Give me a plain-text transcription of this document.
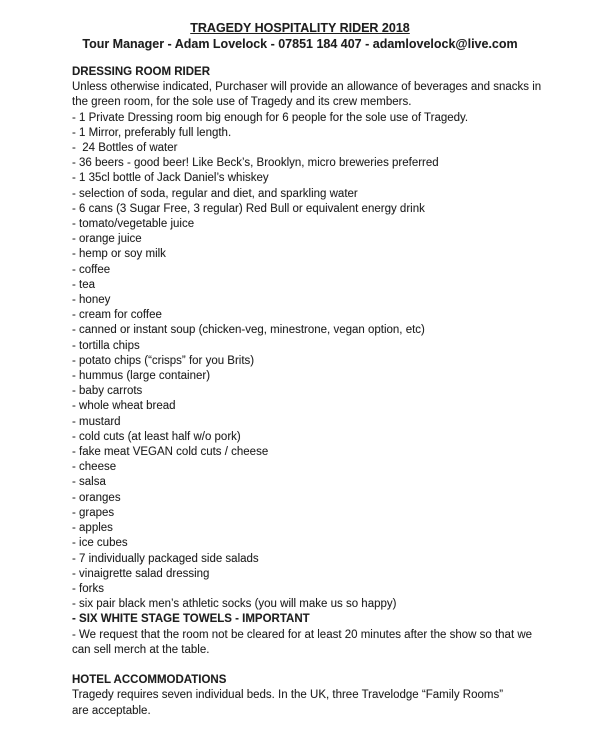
TRAGEDY HOSPITALITY RIDER 2018

Tour Manager - Adam Lovelock - 07851 184 407 - adamlovelock@live.com

DRESSING ROOM RIDER

Unless otherwise indicated, Purchaser will provide an allowance of beverages and snacks in

the green room, for the sole use of Tragedy and its crew members.

- 1 Private Dressing room big enough for 6 people for the sole use of Tragedy.

- 1 Mirror, preferably full length.

-  24 Bottles of water

- 36 beers - good beer! Like Beck’s, Brooklyn, micro breweries preferred

- 1 35cl bottle of Jack Daniel’s whiskey

- selection of soda, regular and diet, and sparkling water

- 6 cans (3 Sugar Free, 3 regular) Red Bull or equivalent energy drink

- tomato/vegetable juice

- orange juice

- hemp or soy milk

- coffee

- tea

- honey

- cream for coffee

- canned or instant soup (chicken-veg, minestrone, vegan option, etc)

- tortilla chips

- potato chips (“crisps” for you Brits)

- hummus (large container)

- baby carrots

- whole wheat bread

- mustard

- cold cuts (at least half w/o pork)

- fake meat VEGAN cold cuts / cheese

- cheese

- salsa

- oranges

- grapes

- apples

- ice cubes

- 7 individually packaged side salads

- vinaigrette salad dressing

- forks

- six pair black men’s athletic socks (you will make us so happy)

- SIX WHITE STAGE TOWELS - IMPORTANT

- We request that the room not be cleared for at least 20 minutes after the show so that we

can sell merch at the table.

HOTEL ACCOMMODATIONS

Tragedy requires seven individual beds. In the UK, three Travelodge “Family Rooms”

are acceptable.
